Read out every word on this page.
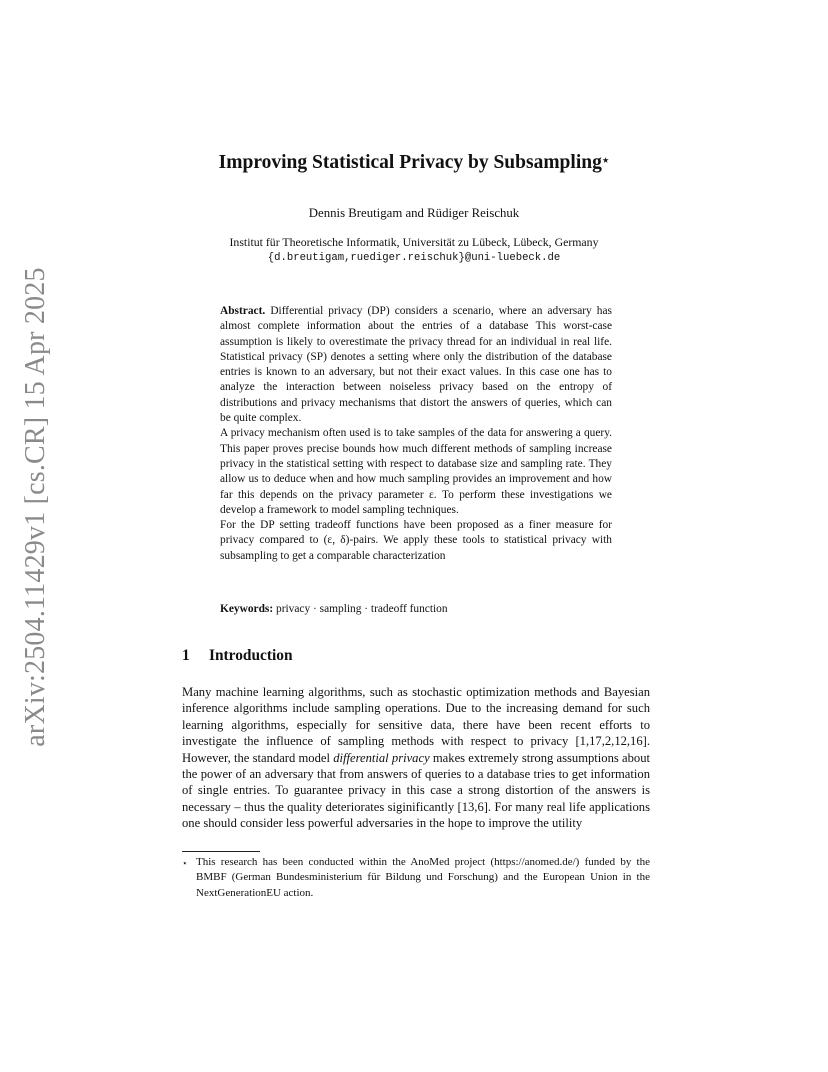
arXiv:2504.11429v1 [cs.CR] 15 Apr 2025
Improving Statistical Privacy by Subsampling⋆
Dennis Breutigam and Rüdiger Reischuk
Institut für Theoretische Informatik, Universität zu Lübeck, Lübeck, Germany
{d.breutigam,ruediger.reischuk}@uni-luebeck.de

Abstract. Differential privacy (DP) considers a scenario, where an adversary has almost complete information about the entries of a database This worst-case assumption is likely to overestimate the privacy thread for an individual in real life. Statistical privacy (SP) denotes a setting where only the distribution of the database entries is known to an adversary, but not their exact values. In this case one has to analyze the interaction between noiseless privacy based on the entropy of distributions and privacy mechanisms that distort the answers of queries, which can be quite complex.

A privacy mechanism often used is to take samples of the data for answering a query. This paper proves precise bounds how much different methods of sampling increase privacy in the statistical setting with respect to database size and sampling rate. They allow us to deduce when and how much sampling provides an improvement and how far this depends on the privacy parameter ε. To perform these investigations we develop a framework to model sampling techniques.

For the DP setting tradeoff functions have been proposed as a finer measure for privacy compared to (ε, δ)-pairs. We apply these tools to statistical privacy with subsampling to get a comparable characterization

Keywords: privacy · sampling · tradeoff function
1 Introduction

Many machine learning algorithms, such as stochastic optimization methods and Bayesian inference algorithms include sampling operations. Due to the increasing demand for such learning algorithms, especially for sensitive data, there have been recent efforts to investigate the influence of sampling methods with respect to privacy [1,17,2,12,16]. However, the standard model differential privacy makes extremely strong assumptions about the power of an adversary that from answers of queries to a database tries to get information of single entries. To guarantee privacy in this case a strong distortion of the answers is necessary – thus the quality deteriorates siginificantly [13,6]. For many real life applications one should consider less powerful adversaries in the hope to improve the utility

⋆ This research has been conducted within the AnoMed project (https://anomed.de/) funded by the BMBF (German Bundesministerium für Bildung und Forschung) and the European Union in the NextGenerationEU action.
